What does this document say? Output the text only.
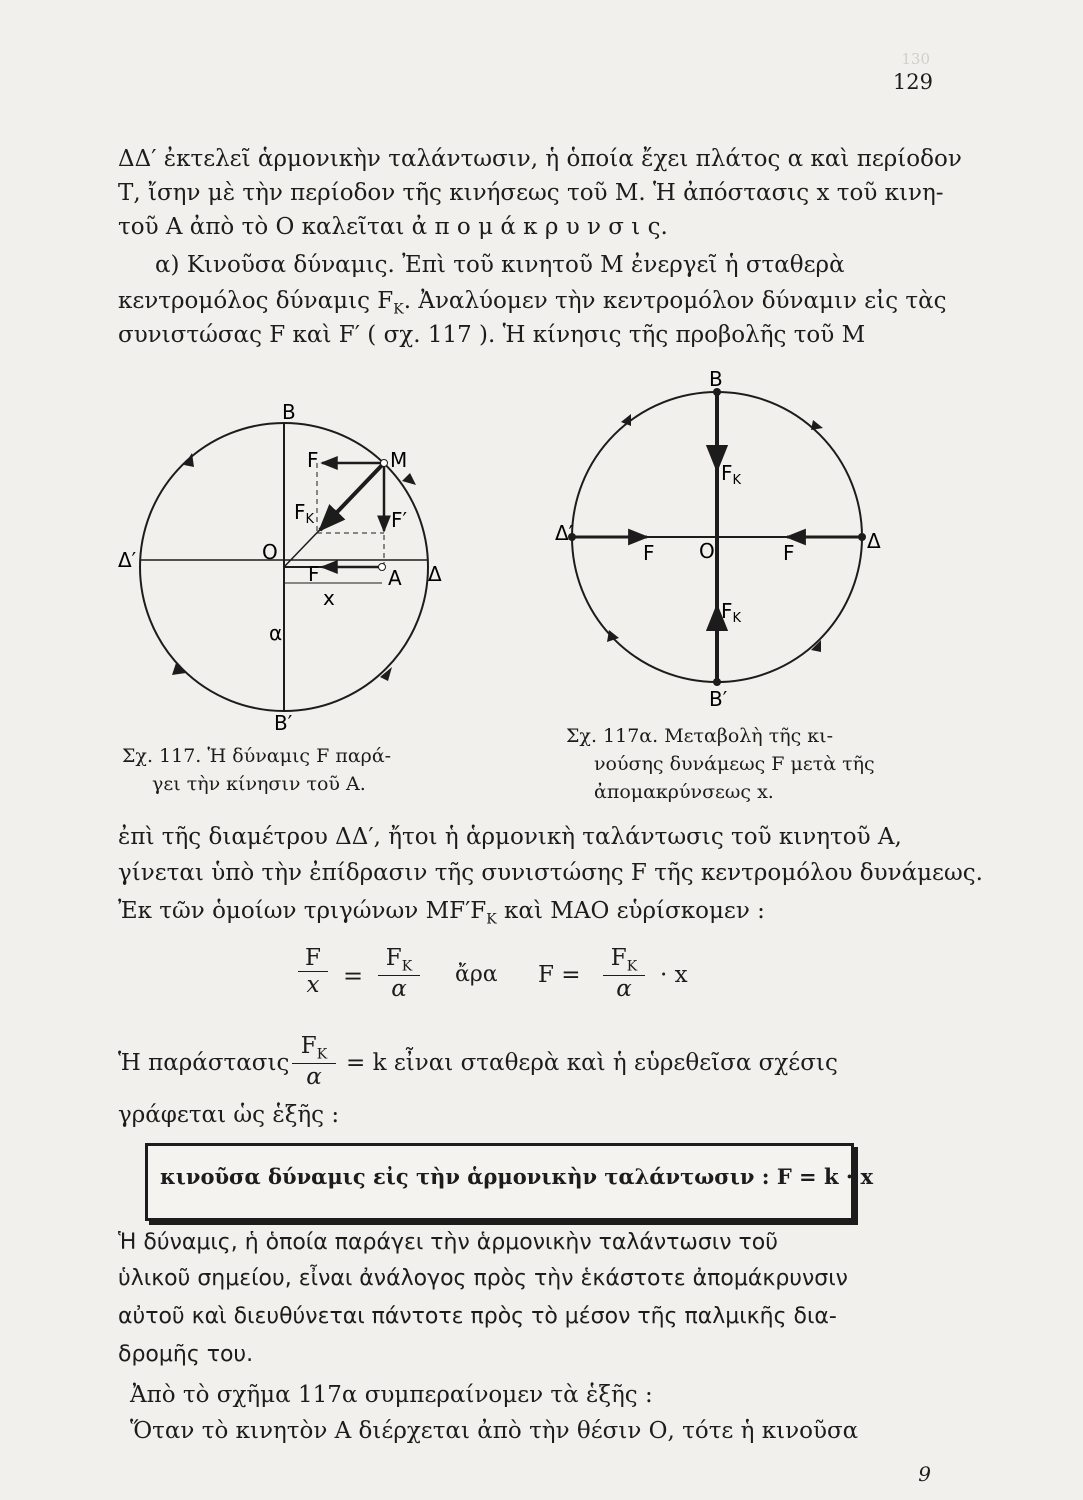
130
129
ΔΔ′ ἐκτελεῖ ἁρμονικὴν ταλάντωσιν, ἡ ὁποία ἔχει πλάτος α καὶ περίοδον
Τ, ἴσην μὲ τὴν περίοδον τῆς κινήσεως τοῦ Μ. Ἡ ἀπόστασις x τοῦ κινη-
τοῦ Α ἀπὸ τὸ Ο καλεῖται ἀ π ο μ ά κ ρ υ ν σ ι ς.
α) Κινοῦσα δύναμις. Ἐπὶ τοῦ κινητοῦ Μ ἐνεργεῖ ἡ σταθερὰ
κεντρομόλος δύναμις $F_K$. Ἀναλύομεν τὴν κεντρομόλον δύναμιν εἰς τὰς
συνιστώσας F καὶ F′ ( σχ. 117 ). Ἡ κίνησις τῆς προβολῆς τοῦ Μ
B
B′
Δ′
Δ
O
A
M
F
F′
$F_K$
F
x
α
B
B′
Δ′	Δ
O
F	F
$F_K$
$F_K$
Σχ. 117. Ἡ δύναμις F παρά-
γει τὴν κίνησιν τοῦ Α.
Σχ. 117α. Μεταβολὴ τῆς κι-
νούσης δυνάμεως F μετὰ τῆς
ἀπομακρύνσεως x.
ἐπὶ τῆς διαμέτρου ΔΔ′, ἤτοι ἡ ἁρμονικὴ ταλάντωσις τοῦ κινητοῦ Α,
γίνεται ὑπὸ τὴν ἐπίδρασιν τῆς συνιστώσης F τῆς κεντρομόλου δυνάμεως.
Ἐκ τῶν ὁμοίων τριγώνων $MF'F_K$ καὶ ΜΑΟ εὑρίσκομεν :
$\frac{F}{x} = \frac{F_K}{\alpha}$ ἄρα $F = \frac{F_K}{\alpha} \cdot x$
Ἡ παράστασις $\frac{F_K}{\alpha} = k$ εἶναι σταθερὰ καὶ ἡ εὑρεθεῖσα σχέσις
γράφεται ὡς ἑξῆς :
κινοῦσα δύναμις εἰς τὴν ἁρμονικὴν ταλάντωσιν : F = k · x
Ἡ δύναμις, ἡ ὁποία παράγει τὴν ἁρμονικὴν ταλάντωσιν τοῦ
ὑλικοῦ σημείου, εἶναι ἀνάλογος πρὸς τὴν ἑκάστοτε ἀπομάκρυνσιν
αὐτοῦ καὶ διευθύνεται πάντοτε πρὸς τὸ μέσον τῆς παλμικῆς δια-
δρομῆς του.
Ἀπὸ τὸ σχῆμα 117α συμπεραίνομεν τὰ ἑξῆς :
Ὅταν τὸ κινητὸν Α διέρχεται ἀπὸ τὴν θέσιν Ο, τότε ἡ κινοῦσα
9
